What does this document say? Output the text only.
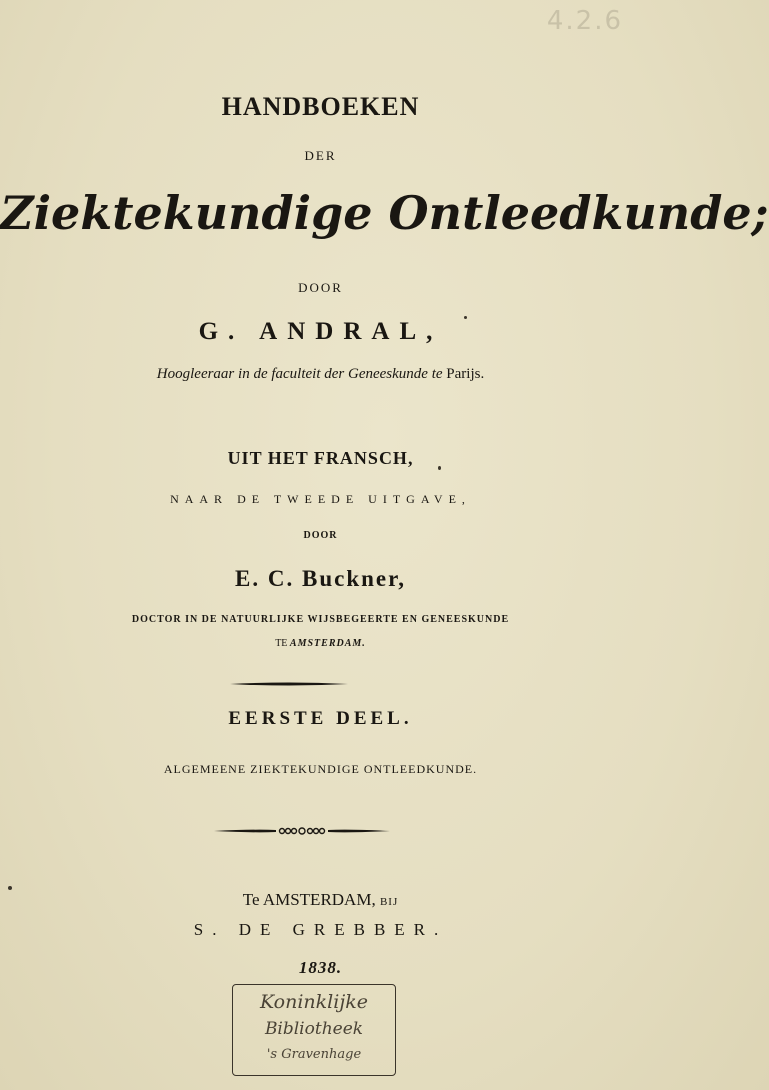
4.2.6
HANDBOEKEN
DER
Ziektekundige Ontleedkunde;
DOOR
G. ANDRAL,
Hoogleeraar in de faculteit der Geneeskunde te Parijs.
UIT HET FRANSCH,
NAAR DE TWEEDE UITGAVE,
DOOR
E. C. Buckner,
DOCTOR IN DE NATUURLIJKE WIJSBEGEERTE EN GENEESKUNDE
TE AMSTERDAM.
EERSTE DEEL.
ALGEMEENE ZIEKTEKUNDIGE ONTLEEDKUNDE.
Te AMSTERDAM, BIJ
S. DE GREBBER.
1838.
Koninklijke
Bibliotheek
's Gravenhage
